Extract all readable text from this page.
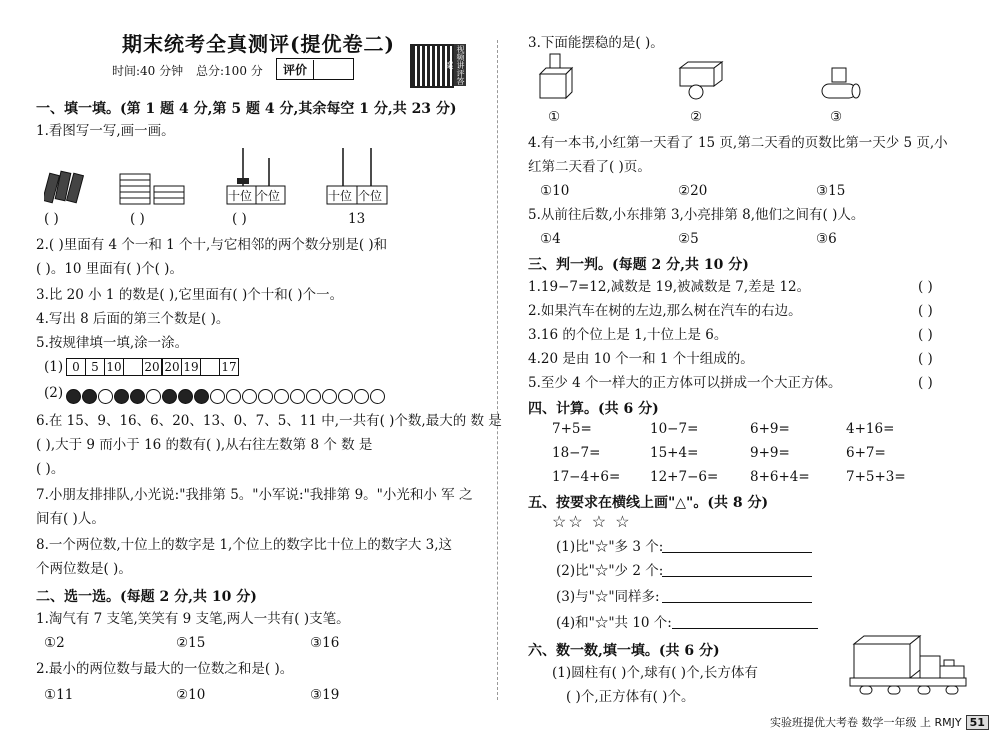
期末统考全真测评(提优卷二)
时间:40 分钟 总分:100 分	评价	视频讲评答案
一、填一填。(第 1 题 4 分,第 5 题 4 分,其余每空 1 分,共 23 分)
1.看图写一写,画一画。
( )	( )
十位 个位
( )
十位 个位
13
2.( )里面有 4 个一和 1 个十,与它相邻的两个数分别是( )和
( )。10 里面有( )个( )。
3.比 20 小 1 的数是( ),它里面有( )个十和( )个一。
4.写出 8 后面的第三个数是( )。
5.按规律填一填,涂一涂。
(1) 0	5	10		20 20	19		17
(2)
6.在 15、9、16、6、20、13、0、7、5、11 中,一共有( )个数,最大的 数 是
( ),大于 9 而小于 16 的数有( ),从右往左数第 8 个 数 是
( )。
7.小朋友排排队,小光说:"我排第 5。"小军说:"我排第 9。"小光和小 军 之
间有( )人。
8.一个两位数,十位上的数字是 1,个位上的数字比十位上的数字大 3,这
个两位数是( )。
二、选一选。(每题 2 分,共 10 分)
1.淘气有 7 支笔,笑笑有 9 支笔,两人一共有( )支笔。
①2	②15	③16
2.最小的两位数与最大的一位数之和是( )。
①11	②10	③19
3.下面能摆稳的是( )。
①	②	③
4.有一本书,小红第一天看了 15 页,第二天看的页数比第一天少 5 页,小
红第二天看了( )页。
①10	②20	③15
5.从前往后数,小东排第 3,小亮排第 8,他们之间有( )人。
①4	②5	③6
三、判一判。(每题 2 分,共 10 分)
1.19−7=12,减数是 19,被减数是 7,差是 12。
2.如果汽车在树的左边,那么树在汽车的右边。
3.16 的个位上是 1,十位上是 6。
4.20 是由 10 个一和 1 个十组成的。
5.至少 4 个一样大的正方体可以拼成一个大正方体。
( )
( )
( )
( )
( )
四、计算。(共 6 分)
7+5=	10−7=	6+9=	4+16=
18−7=	15+4=	9+9=	6+7=
17−4+6= 12+7−6= 8+6+4=	7+5+3=
五、按要求在横线上画"△"。(共 8 分)
☆☆ ☆ ☆
(1)比"☆"多 3 个:
(2)比"☆"少 2 个:
(3)与"☆"同样多:
(4)和"☆"共 10 个:
六、数一数,填一填。(共 6 分)
(1)圆柱有( )个,球有( )个,长方体有
( )个,正方体有( )个。
实验班提优大考卷 数学一年级 上 RMJY 51
